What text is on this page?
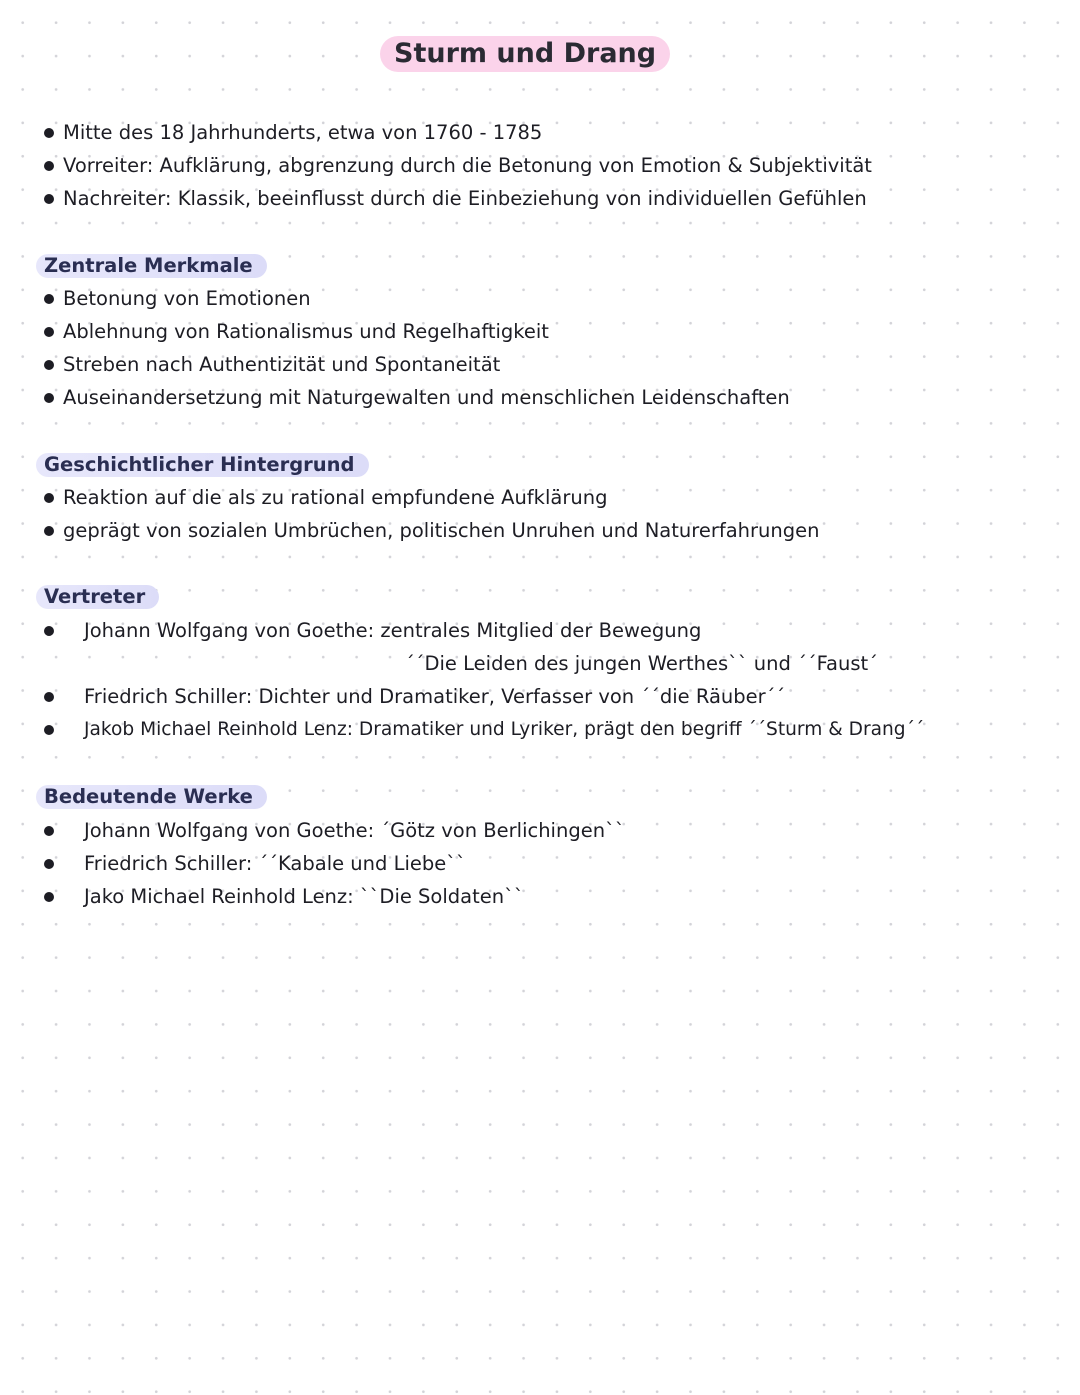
Sturm und Drang
Mitte des 18 Jahrhunderts, etwa von 1760 - 1785
Vorreiter: Aufklärung, abgrenzung durch die Betonung von Emotion & Subjektivität
Nachreiter: Klassik, beeinflusst durch die Einbeziehung von individuellen Gefühlen
Zentrale Merkmale
Betonung von Emotionen
Ablehnung von Rationalismus und Regelhaftigkeit
Streben nach Authentizität und Spontaneität
Auseinandersetzung mit Naturgewalten und menschlichen Leidenschaften
Geschichtlicher Hintergrund
Reaktion auf die als zu rational empfundene Aufklärung
geprägt von sozialen Umbrüchen, politischen Unruhen und Naturerfahrungen
Vertreter
Johann Wolfgang von Goethe: zentrales Mitglied der Bewegung
´´Die Leiden des jungen Werthes`` und ´´Faust´
Friedrich Schiller: Dichter und Dramatiker, Verfasser von ´´die Räuber´´
Jakob Michael Reinhold Lenz: Dramatiker und Lyriker, prägt den begriff ´´Sturm & Drang´´
Bedeutende Werke
Johann Wolfgang von Goethe: ´Götz von Berlichingen``
Friedrich Schiller: ´´Kabale und Liebe``
Jako Michael Reinhold Lenz: ``Die Soldaten``
